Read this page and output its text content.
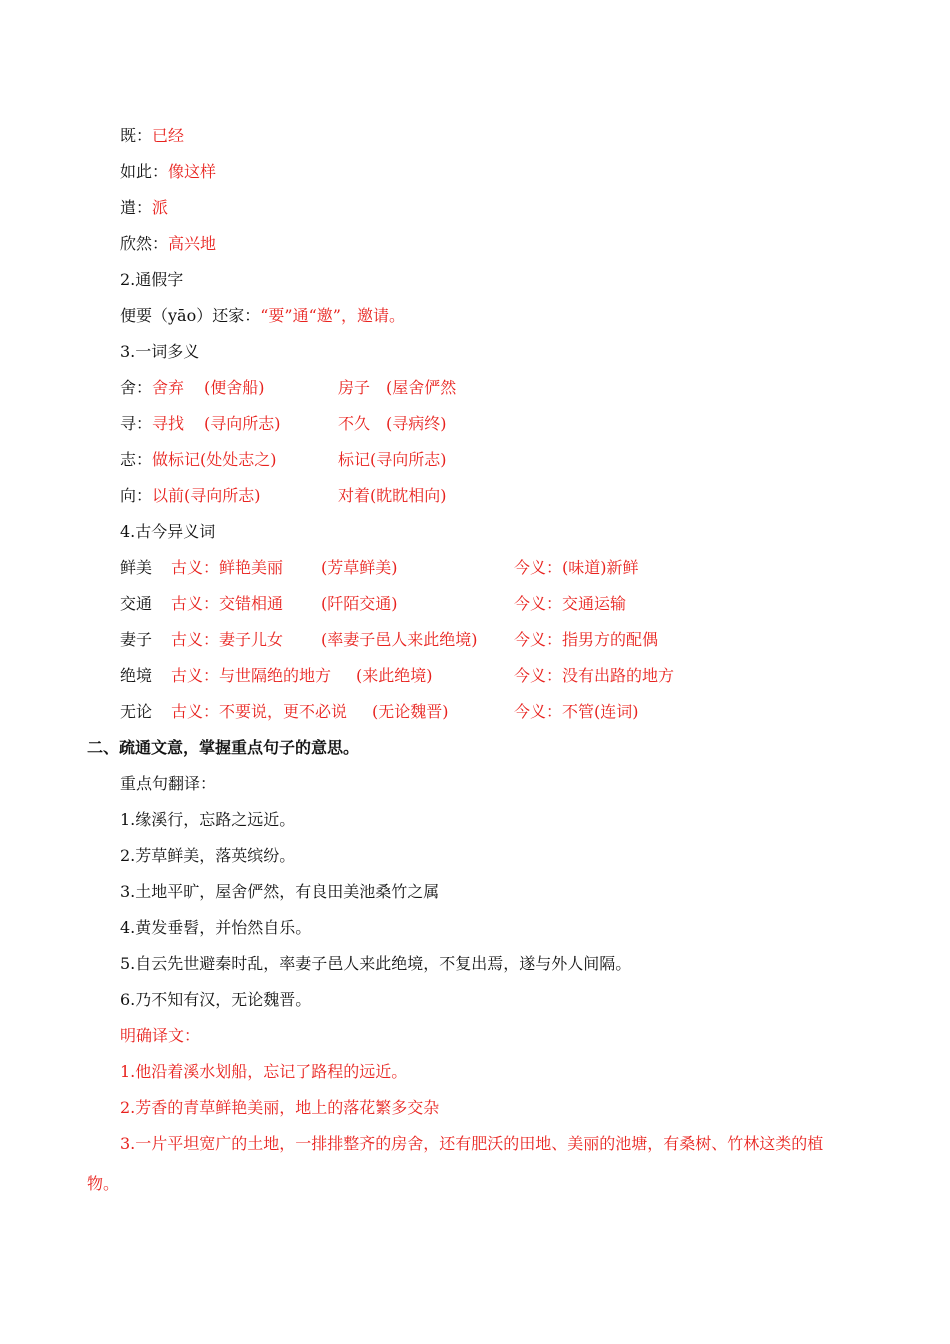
既：已经
如此：像这样
遣：派
欣然：高兴地
2.通假字
便要（yāo）还家：“要”通“邀”，邀请。
3.一词多义
舍：舍弃 (便舍船)	房子 (屋舍俨然
寻：寻找 (寻向所志)	不久 (寻病终)
志：做标记(处处志之)	标记(寻向所志)
向：以前(寻向所志)	对着(眈眈相向)
4.古今异义词
鲜美 古义：鲜艳美丽 (芳草鲜美)	今义：(味道)新鲜
交通 古义：交错相通 (阡陌交通)	今义：交通运输
妻子 古义：妻子儿女 (率妻子邑人来此绝境) 今义：指男方的配偶
绝境 古义：与世隔绝的地方 (来此绝境)	今义：没有出路的地方
无论 古义：不要说，更不必说 (无论魏晋)	今义：不管(连词)
二、疏通文意，掌握重点句子的意思。
重点句翻译：
1.缘溪行，忘路之远近。
2.芳草鲜美，落英缤纷。
3.土地平旷，屋舍俨然，有良田美池桑竹之属
4.黄发垂髫，并怡然自乐。
5.自云先世避秦时乱，率妻子邑人来此绝境，不复出焉，遂与外人间隔。
6.乃不知有汉，无论魏晋。
明确译文：
1.他沿着溪水划船，忘记了路程的远近。
2.芳香的青草鲜艳美丽，地上的落花繁多交杂
3.一片平坦宽广的土地，一排排整齐的房舍，还有肥沃的田地、美丽的池塘，有桑树、竹林这类的植
物。
